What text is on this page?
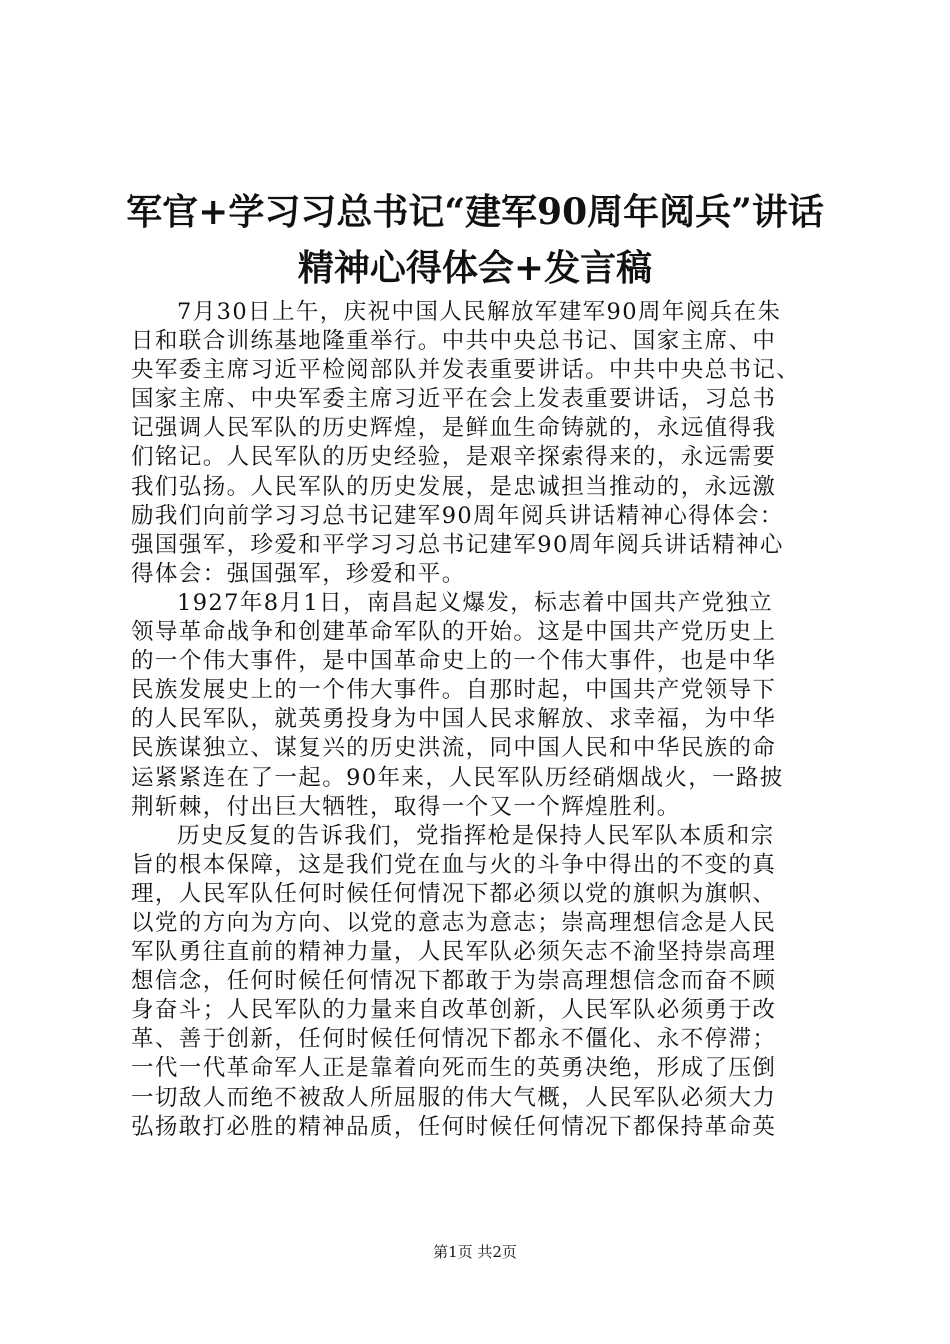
军官+学习习总书记“建军90周年阅兵”讲话
精神心得体会+发言稿
7月30日上午，庆祝中国人民解放军建军90周年阅兵在朱
日和联合训练基地隆重举行。中共中央总书记、国家主席、中
央军委主席习近平检阅部队并发表重要讲话。中共中央总书记、
国家主席、中央军委主席习近平在会上发表重要讲话，习总书
记强调人民军队的历史辉煌，是鲜血生命铸就的，永远值得我
们铭记。人民军队的历史经验，是艰辛探索得来的，永远需要
我们弘扬。人民军队的历史发展，是忠诚担当推动的，永远激
励我们向前学习习总书记建军90周年阅兵讲话精神心得体会：
强国强军，珍爱和平学习习总书记建军90周年阅兵讲话精神心
得体会：强国强军，珍爱和平。
1927年8月1日，南昌起义爆发，标志着中国共产党独立
领导革命战争和创建革命军队的开始。这是中国共产党历史上
的一个伟大事件，是中国革命史上的一个伟大事件，也是中华
民族发展史上的一个伟大事件。自那时起，中国共产党领导下
的人民军队，就英勇投身为中国人民求解放、求幸福，为中华
民族谋独立、谋复兴的历史洪流，同中国人民和中华民族的命
运紧紧连在了一起。90年来，人民军队历经硝烟战火，一路披
荆斩棘，付出巨大牺牲，取得一个又一个辉煌胜利。
历史反复的告诉我们，党指挥枪是保持人民军队本质和宗
旨的根本保障，这是我们党在血与火的斗争中得出的不变的真
理，人民军队任何时候任何情况下都必须以党的旗帜为旗帜、
以党的方向为方向、以党的意志为意志；崇高理想信念是人民
军队勇往直前的精神力量，人民军队必须矢志不渝坚持崇高理
想信念，任何时候任何情况下都敢于为崇高理想信念而奋不顾
身奋斗；人民军队的力量来自改革创新，人民军队必须勇于改
革、善于创新，任何时候任何情况下都永不僵化、永不停滞；
一代一代革命军人正是靠着向死而生的英勇决绝，形成了压倒
一切敌人而绝不被敌人所屈服的伟大气概，人民军队必须大力
弘扬敢打必胜的精神品质，任何时候任何情况下都保持革命英
第1页 共2页
